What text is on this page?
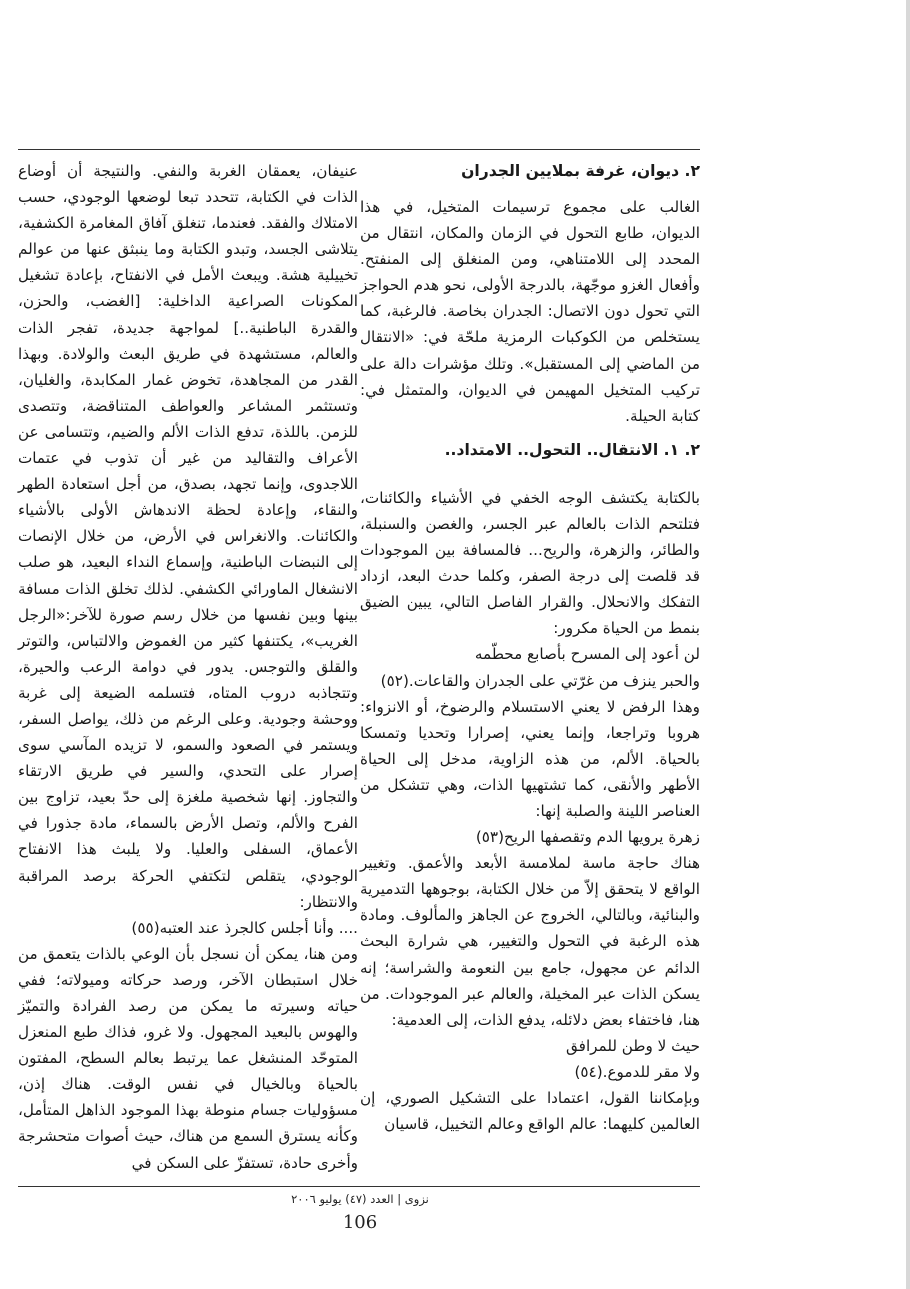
٢. ديوان، غرفة بملايين الجدران

الغالب على مجموع ترسيمات المتخيل، في هذا الديوان، طابع التحول في الزمان والمكان، انتقال من المحدد إلى اللامتناهي، ومن المنغلق إلى المنفتح. وأفعال الغزو موجّهة، بالدرجة الأولى، نحو هدم الحواجز التي تحول دون الاتصال: الجدران بخاصة. فالرغبة، كما يستخلص من الكوكبات الرمزية ملحّة في: «الانتقال من الماضي إلى المستقبل». وتلك مؤشرات دالة على تركيب المتخيل المهيمن في الديوان، والمتمثل في: كتابة الحيلة.

٢. ١. الانتقال.. التحول.. الامتداد..

بالكتابة يكتشف الوجه الخفي في الأشياء والكائنات، فتلتحم الذات بالعالم عبر الجسر، والغصن والسنبلة، والطائر، والزهرة، والريح... فالمسافة بين الموجودات قد قلصت إلى درجة الصفر، وكلما حدث البعد، ازداد التفكك والانحلال. والقرار الفاصل التالي، يبين الضيق بنمط من الحياة مكرور:

لن أعود إلى المسرح بأصابع محطّمه

والحبر ينزف من غرّتي على الجدران والقاعات.(٥٢)

وهذا الرفض لا يعني الاستسلام والرضوخ، أو الانزواء: هروبا وتراجعا، وإنما يعني، إصرارا وتحديا وتمسكا بالحياة. الألم، من هذه الزاوية، مدخل إلى الحياة الأطهر والأنقى، كما تشتهيها الذات، وهي تتشكل من العناصر اللينة والصلبة إنها:

زهرة يرويها الدم وتقصفها الريح(٥٣)

هناك حاجة ماسة لملامسة الأبعد والأعمق. وتغيير الواقع لا يتحقق إلاّ من خلال الكتابة، بوجوهها التدميرية والبنائية، وبالتالي، الخروج عن الجاهز والمألوف. ومادة هذه الرغبة في التحول والتغيير، هي شرارة البحث الدائم عن مجهول، جامع بين النعومة والشراسة؛ إنه يسكن الذات عبر المخيلة، والعالم عبر الموجودات. من هنا، فاختفاء بعض دلائله، يدفع الذات، إلى العدمية:

حيث لا وطن للمرافق

ولا مقر للدموع.(٥٤)

وبإمكاننا القول، اعتمادا على التشكيل الصوري، إن العالمين كليهما: عالم الواقع وعالم التخييل، قاسيان

عنيفان، يعمقان الغربة والنفي. والنتيجة أن أوضاع الذات في الكتابة، تتحدد تبعا لوضعها الوجودي، حسب الامتلاك والفقد. فعندما، تنغلق آفاق المغامرة الكشفية، يتلاشى الجسد، وتبدو الكتابة وما ينبثق عنها من عوالم تخييلية هشة. ويبعث الأمل في الانفتاح، بإعادة تشغيل المكونات الصراعية الداخلية: [الغضب، والحزن، والقدرة الباطنية..] لمواجهة جديدة، تفجر الذات والعالم، مستشهدة في طريق البعث والولادة. وبهذا القدر من المجاهدة، تخوض غمار المكابدة، والغليان، وتستثمر المشاعر والعواطف المتناقضة، وتتصدى للزمن. باللذة، تدفع الذات الألم والضيم، وتتسامى عن الأعراف والتقاليد من غير أن تذوب في عتمات اللاجدوى، وإنما تجهد، بصدق، من أجل استعادة الطهر والنقاء، وإعادة لحظة الاندهاش الأولى بالأشياء والكائنات. والانغراس في الأرض، من خلال الإنصات إلى النبضات الباطنية، وإسماع النداء البعيد، هو صلب الانشغال الماورائي الكشفي. لذلك تخلق الذات مسافة بينها وبين نفسها من خلال رسم صورة للآخر:«الرجل الغريب»، يكتنفها كثير من الغموض والالتباس، والتوتر والقلق والتوجس. يدور في دوامة الرعب والحيرة، وتتجاذبه دروب المتاه، فتسلمه الضيعة إلى غربة ووحشة وجودية. وعلى الرغم من ذلك، يواصل السفر، ويستمر في الصعود والسمو، لا تزيده المآسي سوى إصرار على التحدي، والسير في طريق الارتقاء والتجاوز. إنها شخصية ملغزة إلى حدّ بعيد، تزاوج بين الفرح والألم، وتصل الأرض بالسماء، مادة جذورا في الأعماق، السفلى والعليا. ولا يلبث هذا الانفتاح الوجودي، يتقلص لتكتفي الحركة برصد المراقبة والانتظار:

.... وأنا أجلس كالجرذ عند العتبه(٥٥)

ومن هنا، يمكن أن نسجل بأن الوعي بالذات يتعمق من خلال استبطان الآخر، ورصد حركاته وميولاته؛ ففي حياته وسيرته ما يمكن من رصد الفرادة والتميّز والهوس بالبعيد المجهول. ولا غرو، فذاك طبع المنعزل المتوحّد المنشغل عما يرتبط بعالم السطح، المفتون بالحياة وبالخيال في نفس الوقت. هناك إذن، مسؤوليات جسام منوطة بهذا الموجود الذاهل المتأمل، وكأنه يسترق السمع من هناك، حيث أصوات متحشرجة وأخرى حادة، تستفزّ على السكن في

نزوى | العدد (٤٧) يوليو ٢٠٠٦
106
